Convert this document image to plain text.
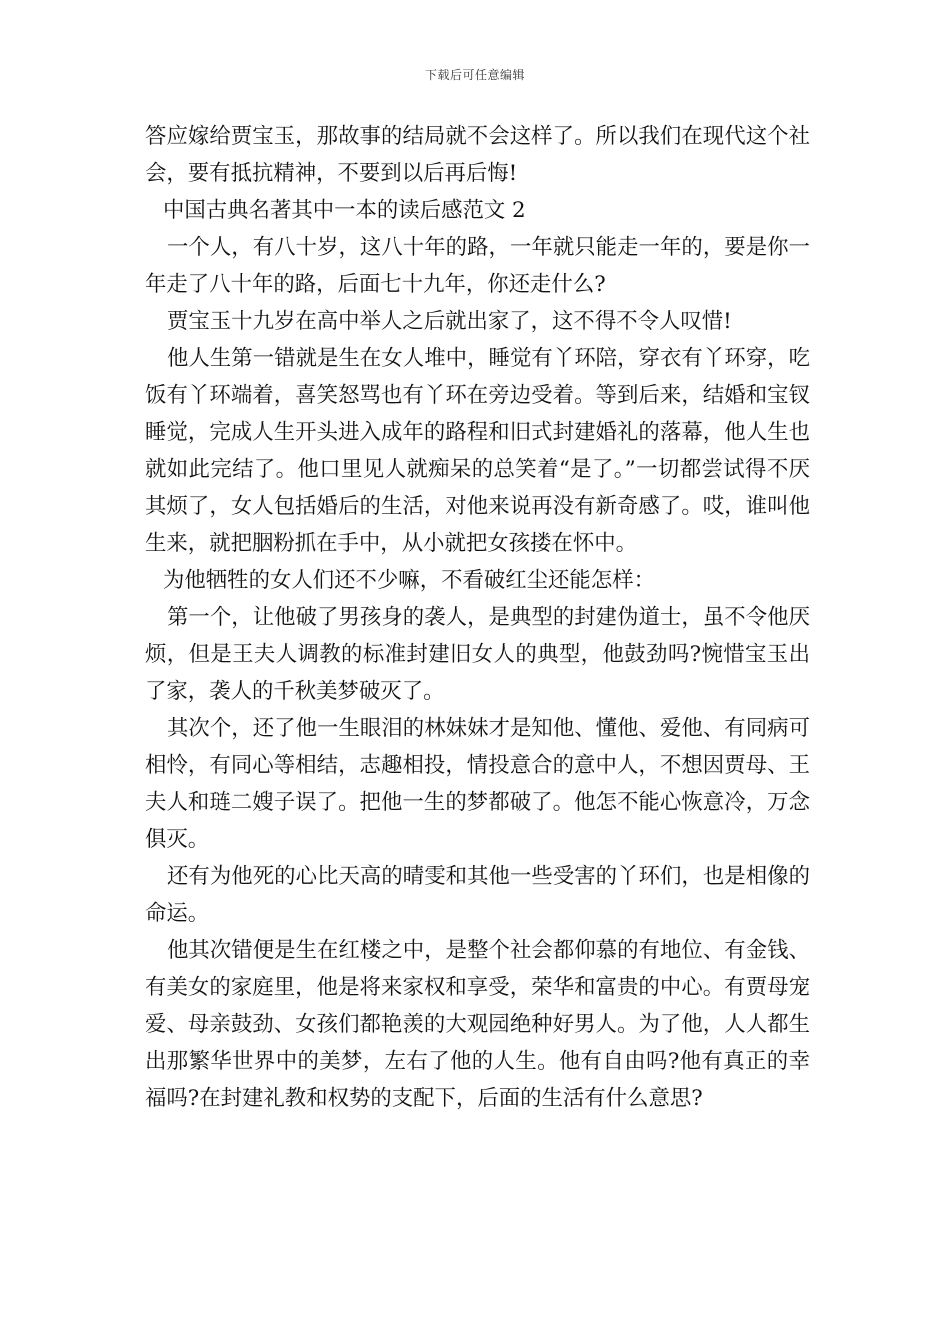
下载后可任意编辑

答应嫁给贾宝玉，那故事的结局就不会这样了。所以我们在现代这个社会，要有抵抗精神，不要到以后再后悔!

中国古典名著其中一本的读后感范文 2

一个人，有八十岁，这八十年的路，一年就只能走一年的，要是你一年走了八十年的路，后面七十九年，你还走什么?

贾宝玉十九岁在高中举人之后就出家了，这不得不令人叹惜!

他人生第一错就是生在女人堆中，睡觉有丫环陪，穿衣有丫环穿，吃饭有丫环端着，喜笑怒骂也有丫环在旁边受着。等到后来，结婚和宝钗睡觉，完成人生开头进入成年的路程和旧式封建婚礼的落幕，他人生也就如此完结了。他口里见人就痴呆的总笑着“是了。”一切都尝试得不厌其烦了，女人包括婚后的生活，对他来说再没有新奇感了。哎，谁叫他生来，就把胭粉抓在手中，从小就把女孩搂在怀中。

为他牺牲的女人们还不少嘛，不看破红尘还能怎样：

第一个，让他破了男孩身的袭人，是典型的封建伪道士，虽不令他厌烦，但是王夫人调教的标准封建旧女人的典型，他鼓劲吗?惋惜宝玉出了家，袭人的千秋美梦破灭了。

其次个，还了他一生眼泪的林妹妹才是知他、懂他、爱他、有同病可相怜，有同心等相结，志趣相投，情投意合的意中人，不想因贾母、王夫人和琏二嫂子误了。把他一生的梦都破了。他怎不能心恢意冷，万念俱灭。

还有为他死的心比天高的晴雯和其他一些受害的丫环们，也是相像的命运。

他其次错便是生在红楼之中，是整个社会都仰慕的有地位、有金钱、有美女的家庭里，他是将来家权和享受，荣华和富贵的中心。有贾母宠爱、母亲鼓劲、女孩们都艳羡的大观园绝种好男人。为了他，人人都生出那繁华世界中的美梦，左右了他的人生。他有自由吗?他有真正的幸福吗?在封建礼教和权势的支配下，后面的生活有什么意思?
